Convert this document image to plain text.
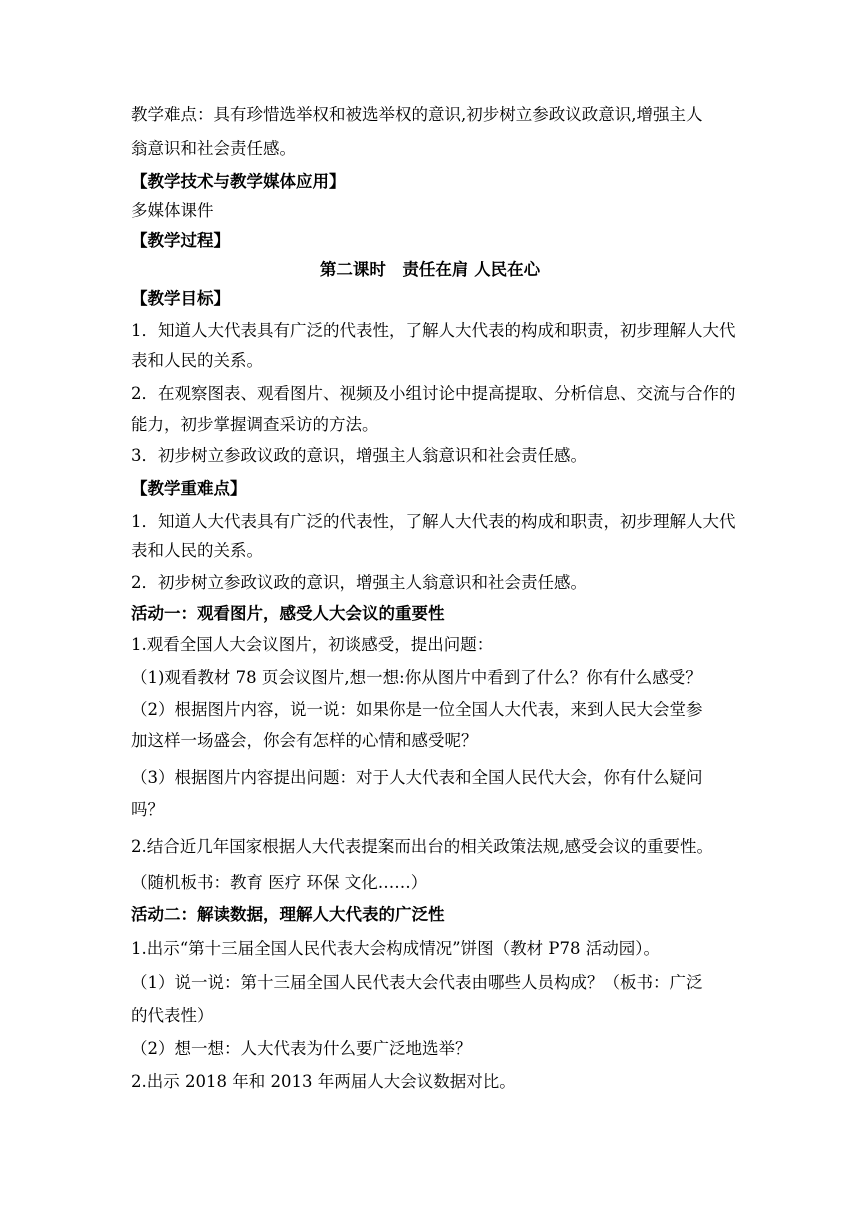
教学难点：具有珍惜选举权和被选举权的意识,初步树立参政议政意识,增强主人
翁意识和社会责任感。
【教学技术与教学媒体应用】
多媒体课件
【教学过程】
第二课时　责任在肩 人民在心
【教学目标】
1．知道人大代表具有广泛的代表性，了解人大代表的构成和职责，初步理解人大代
表和人民的关系。
2．在观察图表、观看图片、视频及小组讨论中提高提取、分析信息、交流与合作的
能力，初步掌握调查采访的方法。
3．初步树立参政议政的意识，增强主人翁意识和社会责任感。
【教学重难点】
1．知道人大代表具有广泛的代表性，了解人大代表的构成和职责，初步理解人大代
表和人民的关系。
2．初步树立参政议政的意识，增强主人翁意识和社会责任感。
活动一：观看图片，感受人大会议的重要性
1.观看全国人大会议图片，初谈感受，提出问题：
（1)观看教材 78 页会议图片,想一想:你从图片中看到了什么？你有什么感受？
（2）根据图片内容，说一说：如果你是一位全国人大代表，来到人民大会堂参
加这样一场盛会，你会有怎样的心情和感受呢？
（3）根据图片内容提出问题：对于人大代表和全国人民代大会，你有什么疑问
吗？
2.结合近几年国家根据人大代表提案而出台的相关政策法规,感受会议的重要性。
（随机板书：教育 医疗 环保 文化……）
活动二：解读数据，理解人大代表的广泛性
1.出示“第十三届全国人民代表大会构成情况”饼图（教材 P78 活动园）。
（1）说一说：第十三届全国人民代表大会代表由哪些人员构成？（板书：广泛
的代表性）
（2）想一想：人大代表为什么要广泛地选举？
2.出示 2018 年和 2013 年两届人大会议数据对比。
